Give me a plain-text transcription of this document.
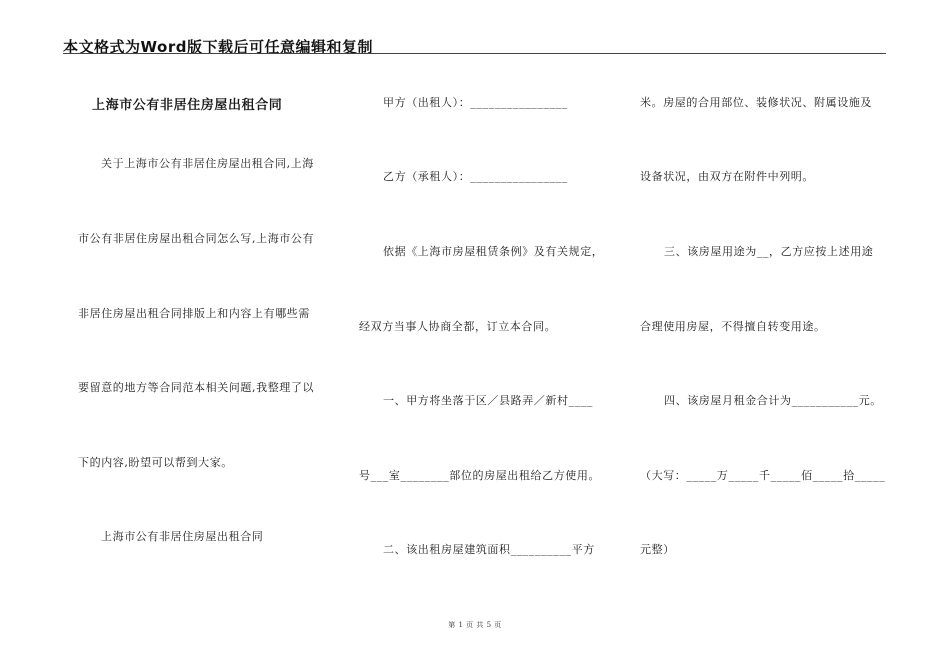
本文格式为Word版下载后可任意编辑和复制
上海市公有非居住房屋出租合同
关于上海市公有非居住房屋出租合同,上海
市公有非居住房屋出租合同怎么写,上海市公有
非居住房屋出租合同排版上和内容上有哪些需
要留意的地方等合同范本相关问题,我整理了以
下的内容,盼望可以帮到大家。
上海市公有非居住房屋出租合同
甲方（出租人）：________________
乙方（承租人）：________________
依据《上海市房屋租赁条例》及有关规定，
经双方当事人协商全都，订立本合同。
一、甲方将坐落于区／县路弄／新村____
号___室________部位的房屋出租给乙方使用。
二、该出租房屋建筑面积__________平方
米。房屋的合用部位、装修状况、附属设施及
设备状况，由双方在附件中列明。
三、该房屋用途为__，乙方应按上述用途
合理使用房屋，不得擅自转变用途。
四、该房屋月租金合计为___________元。
（大写：_____万_____千_____佰_____拾_____
元整）
第 1 页 共 5 页
